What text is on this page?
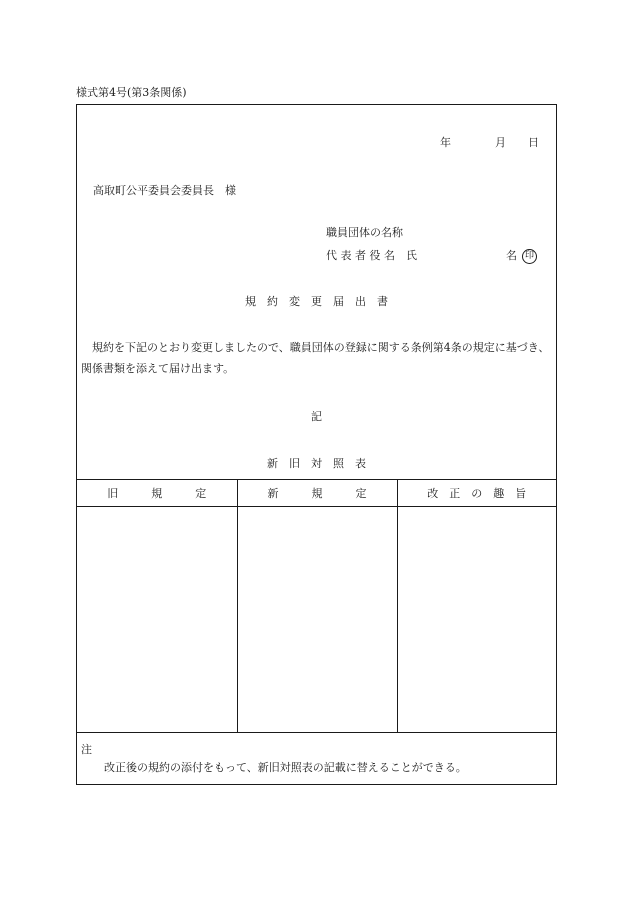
様式第4号(第3条関係)
年	月 日
高取町公平委員会委員長　様
職員団体の名称
代 表 者 役 名　氏	名 印
規　約　変　更　届　出　書
規約を下記のとおり変更しましたので、職員団体の登録に関する条例第4条の規定に基づき、関係書類を添えて届け出ます。
記
新　旧　対　照　表
旧　　　規　　　定	新　　　規　　　定	改　正　の　趣　旨

注
改正後の規約の添付をもって、新旧対照表の記載に替えることができる。		
